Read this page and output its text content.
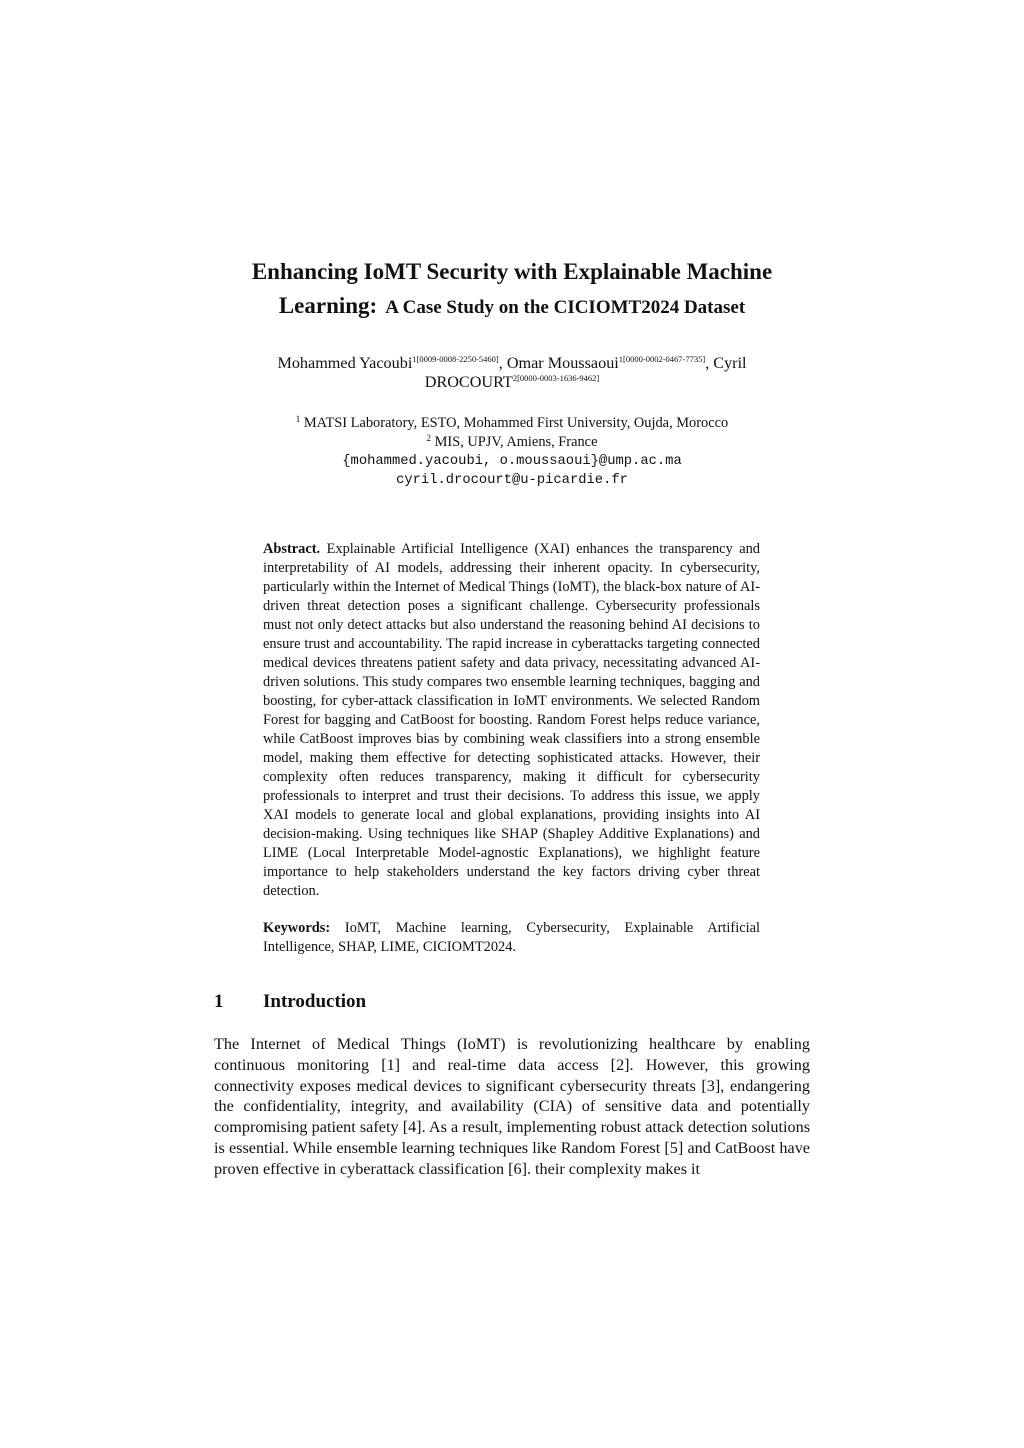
Enhancing IoMT Security with Explainable Machine
Learning: A Case Study on the CICIOMT2024 Dataset
Mohammed Yacoubi$^{1[0009-0008-2250-5460]}$, Omar Moussaoui$^{1[0000-0002-0467-7735]}$, Cyril $DROCOURT^{2[0000-0003-1636-9462]}$
$^1$ MATSI Laboratory, ESTO, Mohammed First University, Oujda, Morocco
$^2$ MIS, UPJV, Amiens, France
{mohammed.yacoubi, o.moussaoui}@ump.ac.ma
cyril.drocourt@u-picardie.fr

Abstract. Explainable Artificial Intelligence (XAI) enhances the transparency and interpretability of AI models, addressing their inherent opacity. In cybersecurity, particularly within the Internet of Medical Things (IoMT), the black-box nature of AI-driven threat detection poses a significant challenge. Cybersecurity professionals must not only detect attacks but also understand the reasoning behind AI decisions to ensure trust and accountability. The rapid increase in cyberattacks targeting connected medical devices threatens patient safety and data privacy, necessitating advanced AI-driven solutions. This study compares two ensemble learning techniques, bagging and boosting, for cyber-attack classification in IoMT environments. We selected Random Forest for bagging and CatBoost for boosting. Random Forest helps reduce variance, while CatBoost improves bias by combining weak classifiers into a strong ensemble model, making them effective for detecting sophisticated attacks. However, their complexity often reduces transparency, making it difficult for cybersecurity professionals to interpret and trust their decisions. To address this issue, we apply XAI models to generate local and global explanations, providing insights into AI decision-making. Using techniques like SHAP (Shapley Additive Explanations) and LIME (Local Interpretable Model-agnostic Explanations), we highlight feature importance to help stakeholders understand the key factors driving cyber threat detection.

Keywords: IoMT, Machine learning, Cybersecurity, Explainable Artificial Intelligence, SHAP, LIME, CICIOMT2024.

1 Introduction

The Internet of Medical Things (IoMT) is revolutionizing healthcare by enabling continuous monitoring [1] and real-time data access [2]. However, this growing connectivity exposes medical devices to significant cybersecurity threats [3], endangering the confidentiality, integrity, and availability (CIA) of sensitive data and potentially compromising patient safety [4]. As a result, implementing robust attack detection solutions is essential. While ensemble learning techniques like Random Forest [5] and CatBoost have proven effective in cyberattack classification [6]. their complexity makes it
